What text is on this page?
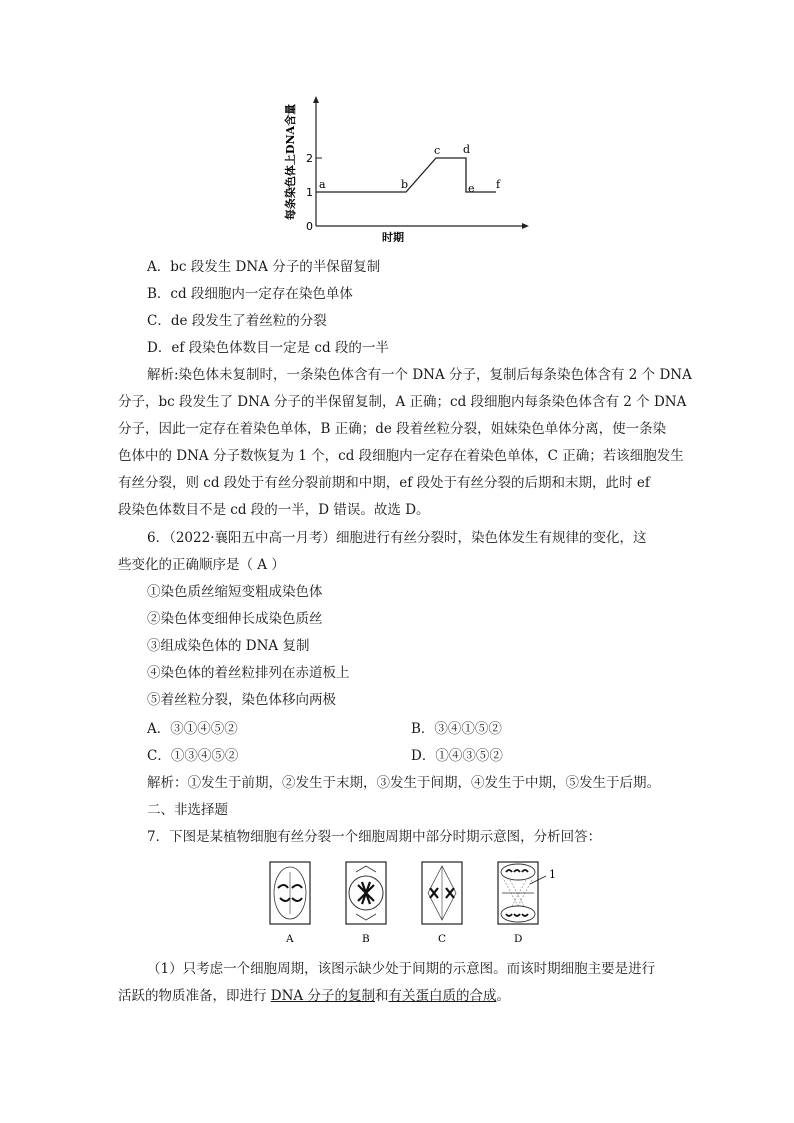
每条染色体上DNA含量
0
1
2
a	b
c d
e f
时期
A．bc 段发生 DNA 分子的半保留复制
B．cd 段细胞内一定存在染色单体
C．de 段发生了着丝粒的分裂
D．ef 段染色体数目一定是 cd 段的一半
解析:染色体未复制时，一条染色体含有一个 DNA 分子，复制后每条染色体含有 2 个 DNA
分子，bc 段发生了 DNA 分子的半保留复制，A 正确；cd 段细胞内每条染色体含有 2 个 DNA
分子，因此一定存在着染色单体，B 正确；de 段着丝粒分裂，姐妹染色单体分离，使一条染
色体中的 DNA 分子数恢复为 1 个，cd 段细胞内一定存在着染色单体，C 正确；若该细胞发生
有丝分裂，则 cd 段处于有丝分裂前期和中期，ef 段处于有丝分裂的后期和末期，此时 ef
段染色体数目不是 cd 段的一半，D 错误。故选 D。
6．（2022·襄阳五中高一月考）细胞进行有丝分裂时，染色体发生有规律的变化，这
些变化的正确顺序是（ A ）
①染色质丝缩短变粗成染色体
②染色体变细伸长成染色质丝
③组成染色体的 DNA 复制
④染色体的着丝粒排列在赤道板上
⑤着丝粒分裂，染色体移向两极
A．③①④⑤②	B．③④①⑤②
C．①③④⑤②	D．①④③⑤②
解析：①发生于前期，②发生于末期，③发生于间期，④发生于中期，⑤发生于后期。
二、非选择题
7．下图是某植物细胞有丝分裂一个细胞周期中部分时期示意图，分析回答：
1
A	B	C	D
（1）只考虑一个细胞周期，该图示缺少处于间期的示意图。而该时期细胞主要是进行
活跃的物质准备，即进行 DNA 分子的复制和有关蛋白质的合成。
